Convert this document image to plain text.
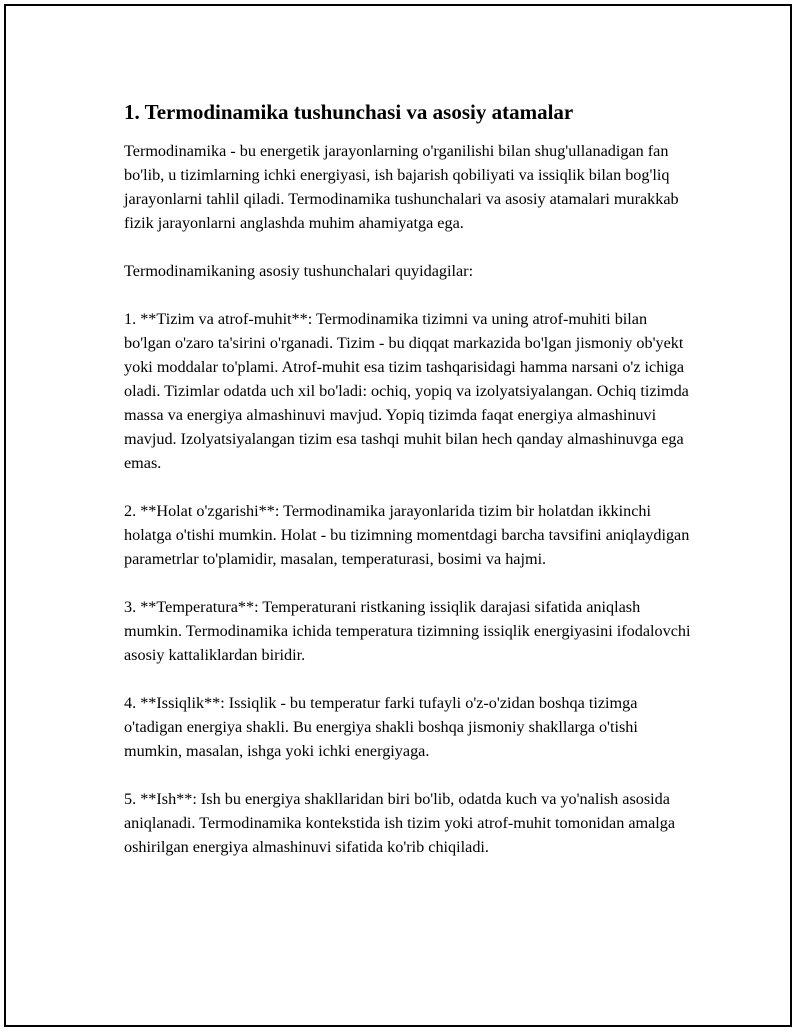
1. Termodinamika tushunchasi va asosiy atamalar

Termodinamika - bu energetik jarayonlarning o'rganilishi bilan shug'ullanadigan fan bo'lib, u tizimlarning ichki energiyasi, ish bajarish qobiliyati va issiqlik bilan bog'liq jarayonlarni tahlil qiladi. Termodinamika tushunchalari va asosiy atamalari murakkab fizik jarayonlarni anglashda muhim ahamiyatga ega.

Termodinamikaning asosiy tushunchalari quyidagilar:

1. **Tizim va atrof-muhit**: Termodinamika tizimni va uning atrof-muhiti bilan bo'lgan o'zaro ta'sirini o'rganadi. Tizim - bu diqqat markazida bo'lgan jismoniy ob'yekt yoki moddalar to'plami. Atrof-muhit esa tizim tashqarisidagi hamma narsani o'z ichiga oladi. Tizimlar odatda uch xil bo'ladi: ochiq, yopiq va izolyatsiyalangan. Ochiq tizimda massa va energiya almashinuvi mavjud. Yopiq tizimda faqat energiya almashinuvi mavjud. Izolyatsiyalangan tizim esa tashqi muhit bilan hech qanday almashinuvga ega emas.

2. **Holat o'zgarishi**: Termodinamika jarayonlarida tizim bir holatdan ikkinchi holatga o'tishi mumkin. Holat - bu tizimning momentdagi barcha tavsifini aniqlaydigan parametrlar to'plamidir, masalan, temperaturasi, bosimi va hajmi.

3. **Temperatura**: Temperaturani ristkaning issiqlik darajasi sifatida aniqlash mumkin. Termodinamika ichida temperatura tizimning issiqlik energiyasini ifodalovchi asosiy kattaliklardan biridir.

4. **Issiqlik**: Issiqlik - bu temperatur farki tufayli o'z-o'zidan boshqa tizimga o'tadigan energiya shakli. Bu energiya shakli boshqa jismoniy shakllarga o'tishi mumkin, masalan, ishga yoki ichki energiyaga.

5. **Ish**: Ish bu energiya shakllaridan biri bo'lib, odatda kuch va yo'nalish asosida aniqlanadi. Termodinamika kontekstida ish tizim yoki atrof-muhit tomonidan amalga oshirilgan energiya almashinuvi sifatida ko'rib chiqiladi.
